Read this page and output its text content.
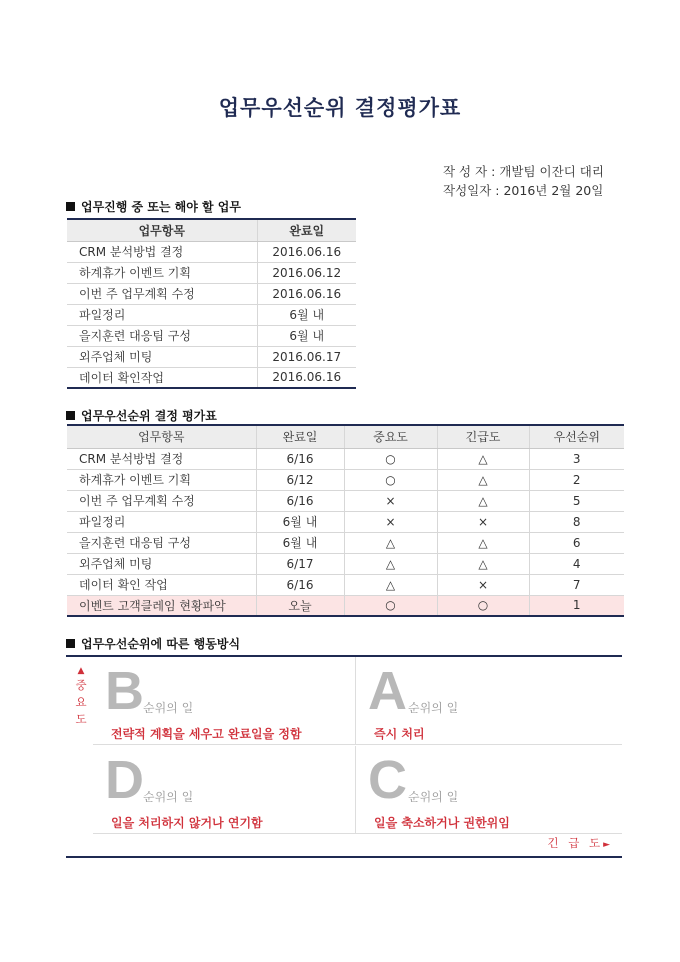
업무우선순위 결정평가표
작 성 자 : 개발팀 이잔디 대리
작성일자 : 2016년 2월 20일
업무진행 중 또는 해야 할 업무
업무항목	완료일
CRM 분석방법 결정	2016.06.16
하계휴가 이벤트 기획	2016.06.12
이번 주 업무계획 수정	2016.06.16
파일정리	6월 내
을지훈련 대응팀 구성	6월 내
외주업체 미팅	2016.06.17
데이터 확인작업	2016.06.16
업무우선순위 결정 평가표
업무항목	완료일	중요도	긴급도	우선순위
CRM 분석방법 결정	6/16	○	△	3
하계휴가 이벤트 기획	6/12	○	△	2
이번 주 업무계획 수정	6/16	×	△	5
파일정리	6월 내	×	×	8
을지훈련 대응팀 구성	6월 내	△	△	6
외주업체 미팅	6/17	△	△	4
데이터 확인 작업	6/16	△	×	7
이벤트 고객클레임 현황파악	오늘	○	○	1
업무우선순위에 따른 행동방식
▲
중
요
도 B 순위의 일
전략적 계획을 세우고 완료일을 정함
A 순위의 일
즉시 처리
D 순위의 일
일을 처리하지 않거나 연기함
C 순위의 일
일을 축소하거나 권한위임
긴 급 도►
